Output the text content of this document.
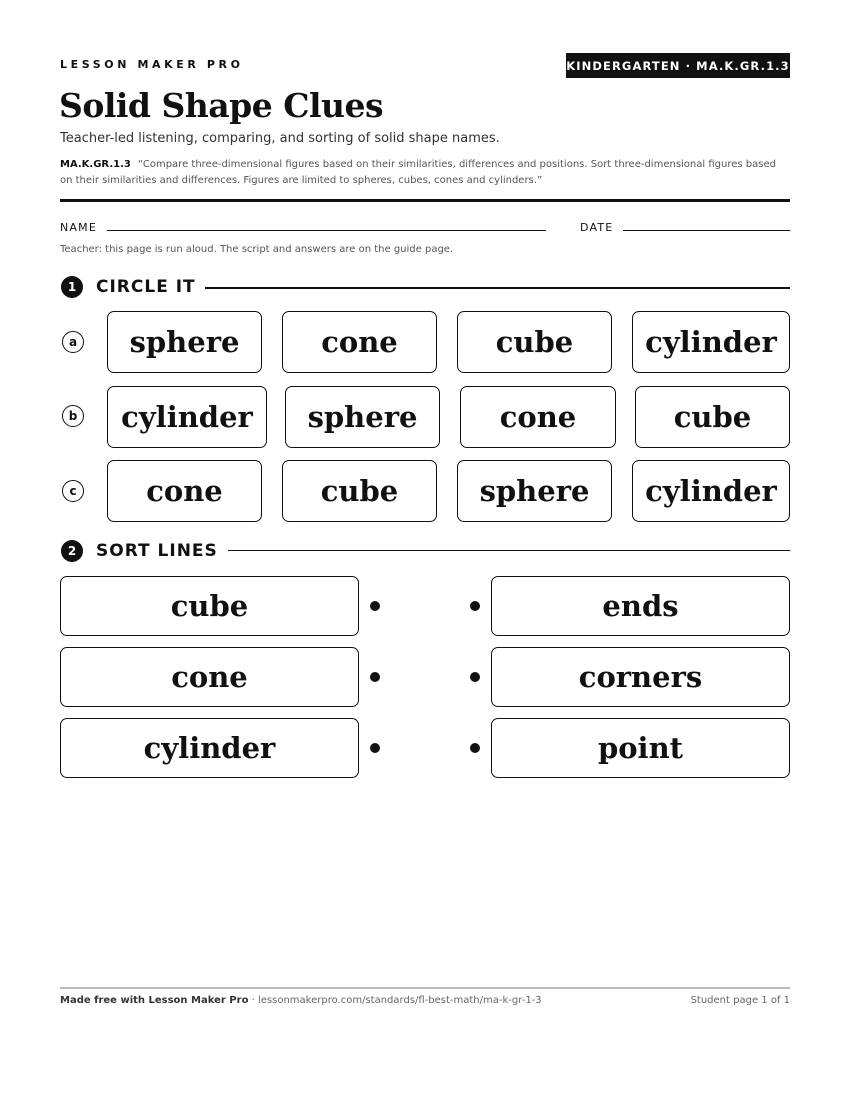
LESSON MAKER PRO	KINDERGARTEN · MA.K.GR.1.3
Solid Shape Clues
Teacher-led listening, comparing, and sorting of solid shape names.
MA.K.GR.1.3 “Compare three-dimensional figures based on their similarities, differences and positions. Sort three-dimensional figures based on their similarities and differences. Figures are limited to spheres, cubes, cones and cylinders.”
NAME	DATE
Teacher: this page is run aloud. The script and answers are on the guide page.
1	CIRCLE IT
a	sphere	cone	cube	cylinder
b	cylinder	sphere	cone	cube
c	cone	cube	sphere	cylinder
2	SORT LINES
cube	ends
cone	corners
cylinder	point
Made free with Lesson Maker Pro · lessonmakerpro.com/standards/fl-best-math/ma-k-gr-1-3	Student page 1 of 1
